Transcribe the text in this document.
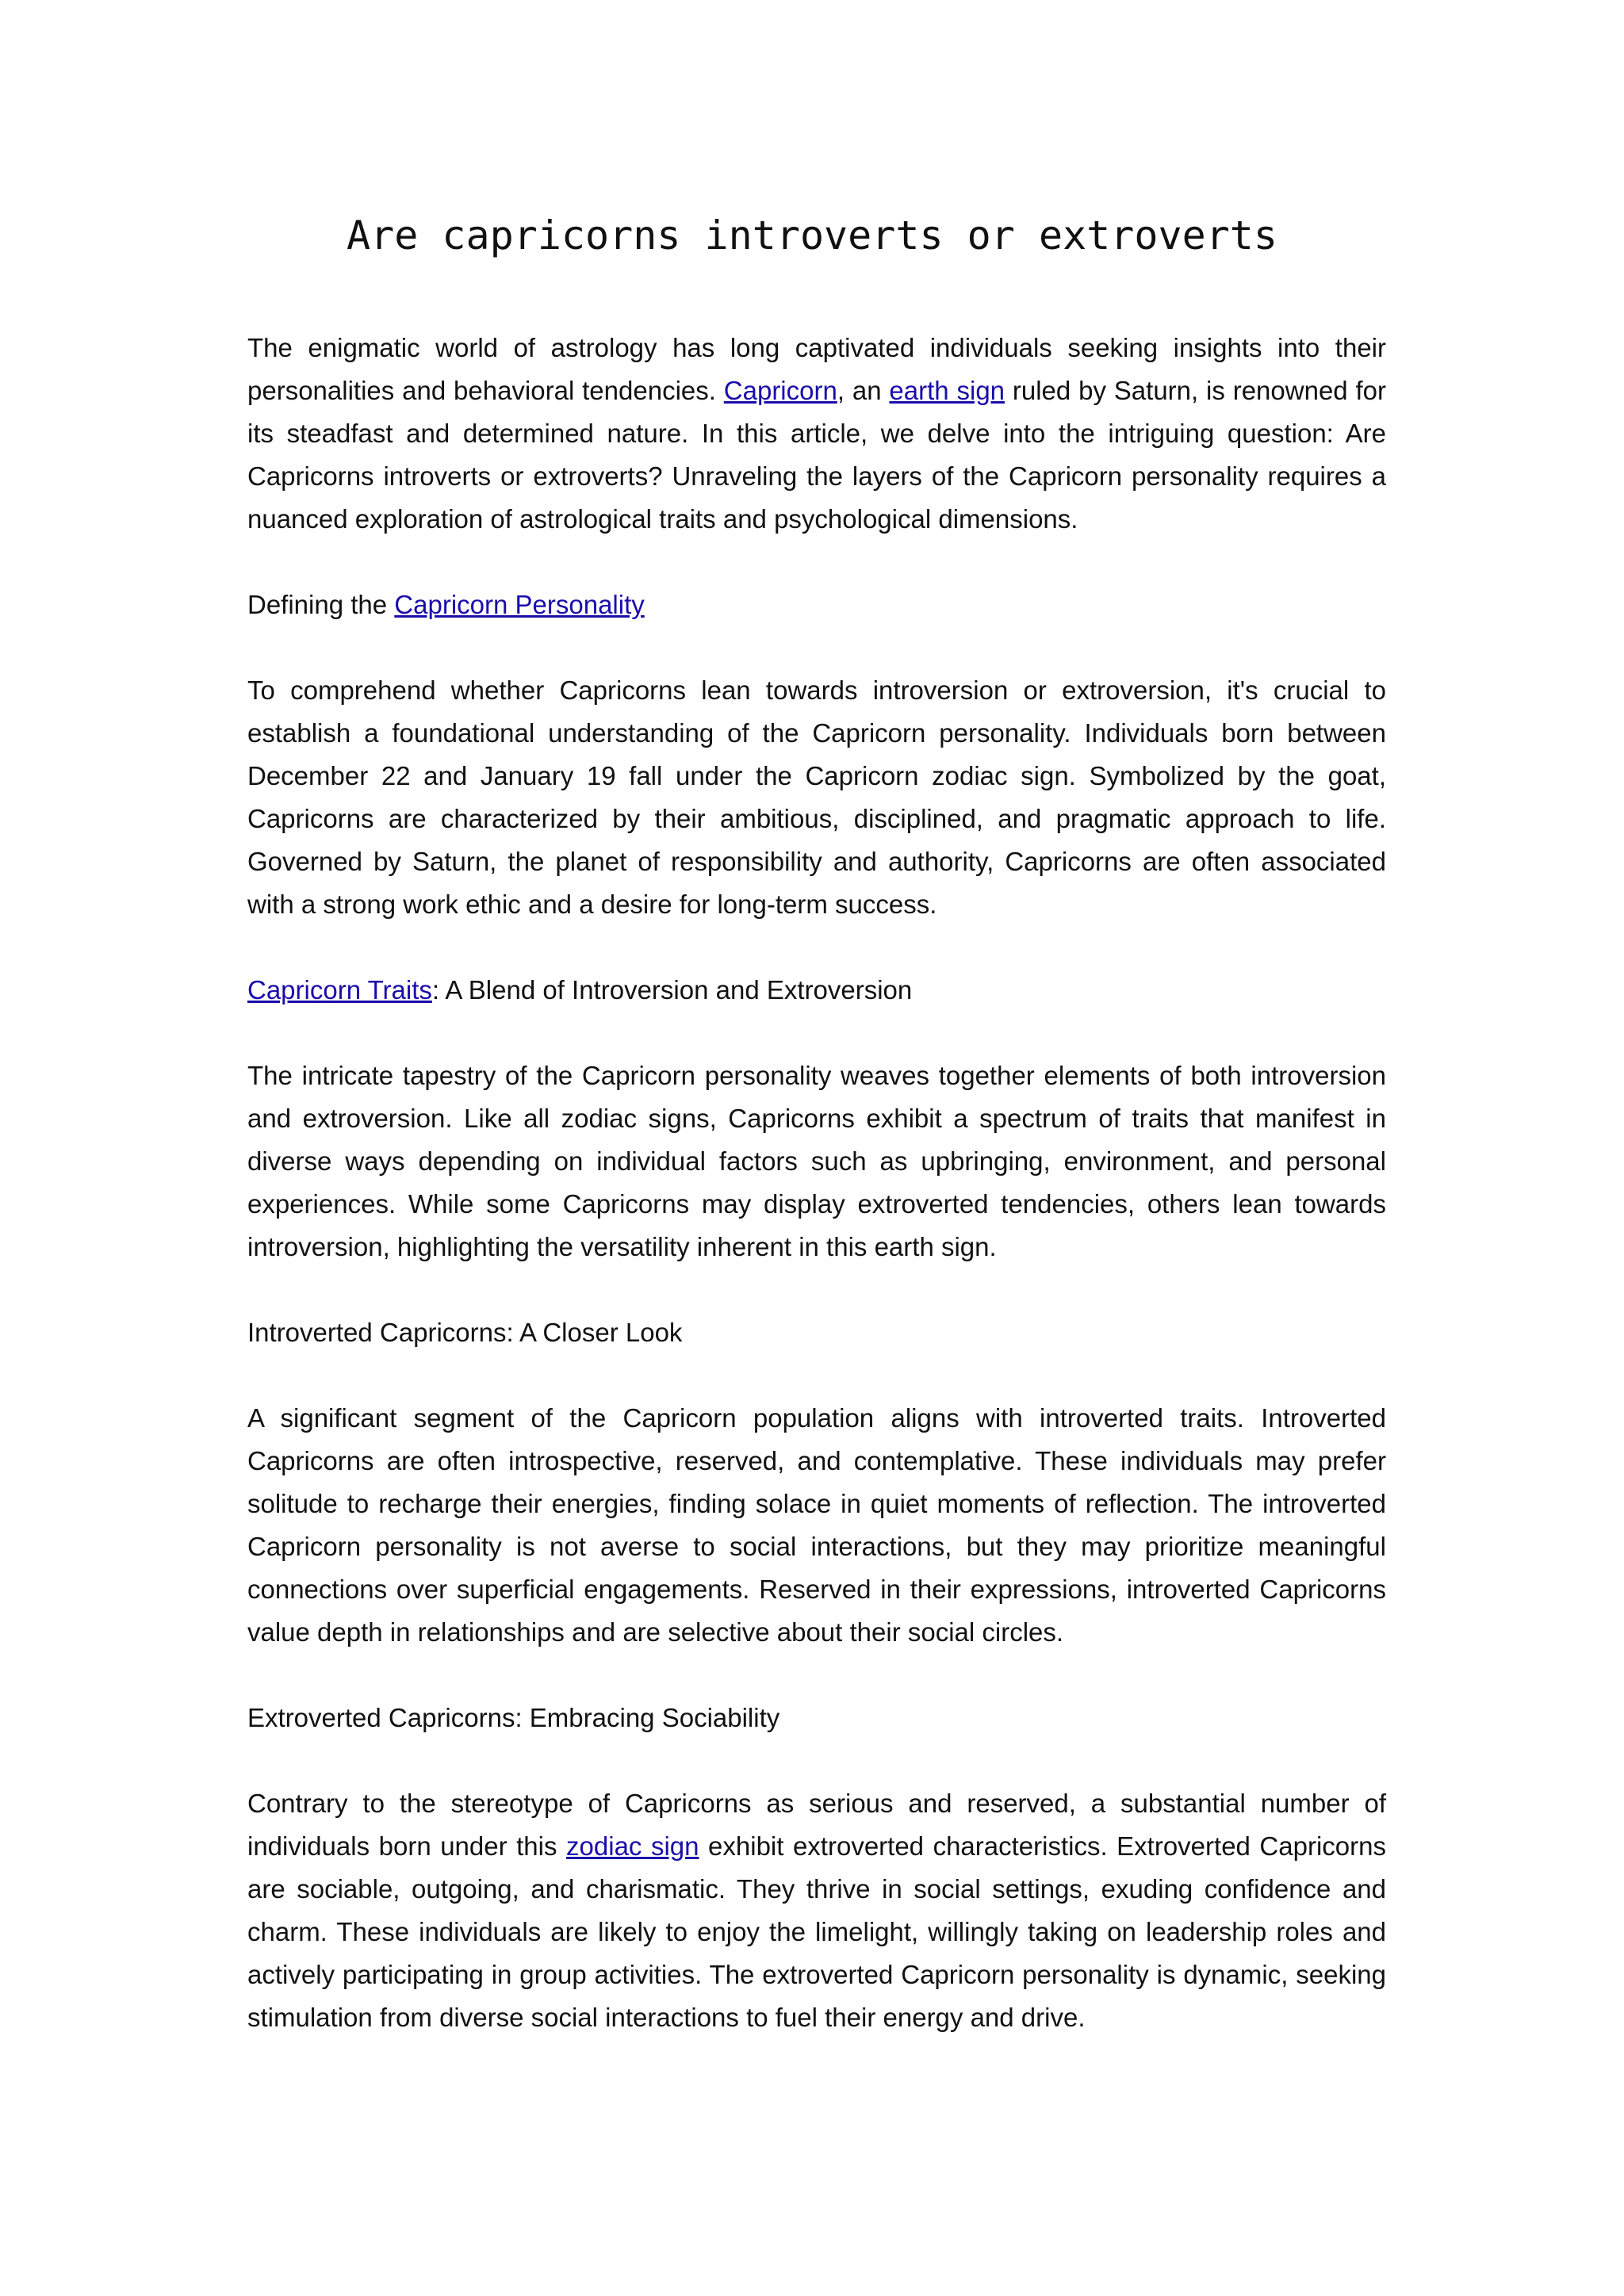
Are capricorns introverts or extroverts

The enigmatic world of astrology has long captivated individuals seeking insights into their personalities and behavioral tendencies. Capricorn, an earth sign ruled by Saturn, is renowned for its steadfast and determined nature. In this article, we delve into the intriguing question: Are Capricorns introverts or extroverts? Unraveling the layers of the Capricorn personality requires a nuanced exploration of astrological traits and psychological dimensions.

Defining the Capricorn Personality

To comprehend whether Capricorns lean towards introversion or extroversion, it's crucial to establish a foundational understanding of the Capricorn personality. Individuals born between December 22 and January 19 fall under the Capricorn zodiac sign. Symbolized by the goat, Capricorns are characterized by their ambitious, disciplined, and pragmatic approach to life. Governed by Saturn, the planet of responsibility and authority, Capricorns are often associated with a strong work ethic and a desire for long-term success.

Capricorn Traits: A Blend of Introversion and Extroversion

The intricate tapestry of the Capricorn personality weaves together elements of both introversion and extroversion. Like all zodiac signs, Capricorns exhibit a spectrum of traits that manifest in diverse ways depending on individual factors such as upbringing, environment, and personal experiences. While some Capricorns may display extroverted tendencies, others lean towards introversion, highlighting the versatility inherent in this earth sign.

Introverted Capricorns: A Closer Look

A significant segment of the Capricorn population aligns with introverted traits. Introverted Capricorns are often introspective, reserved, and contemplative. These individuals may prefer solitude to recharge their energies, finding solace in quiet moments of reflection. The introverted Capricorn personality is not averse to social interactions, but they may prioritize meaningful connections over superficial engagements. Reserved in their expressions, introverted Capricorns value depth in relationships and are selective about their social circles.

Extroverted Capricorns: Embracing Sociability

Contrary to the stereotype of Capricorns as serious and reserved, a substantial number of individuals born under this zodiac sign exhibit extroverted characteristics. Extroverted Capricorns are sociable, outgoing, and charismatic. They thrive in social settings, exuding confidence and charm. These individuals are likely to enjoy the limelight, willingly taking on leadership roles and actively participating in group activities. The extroverted Capricorn personality is dynamic, seeking stimulation from diverse social interactions to fuel their energy and drive.
